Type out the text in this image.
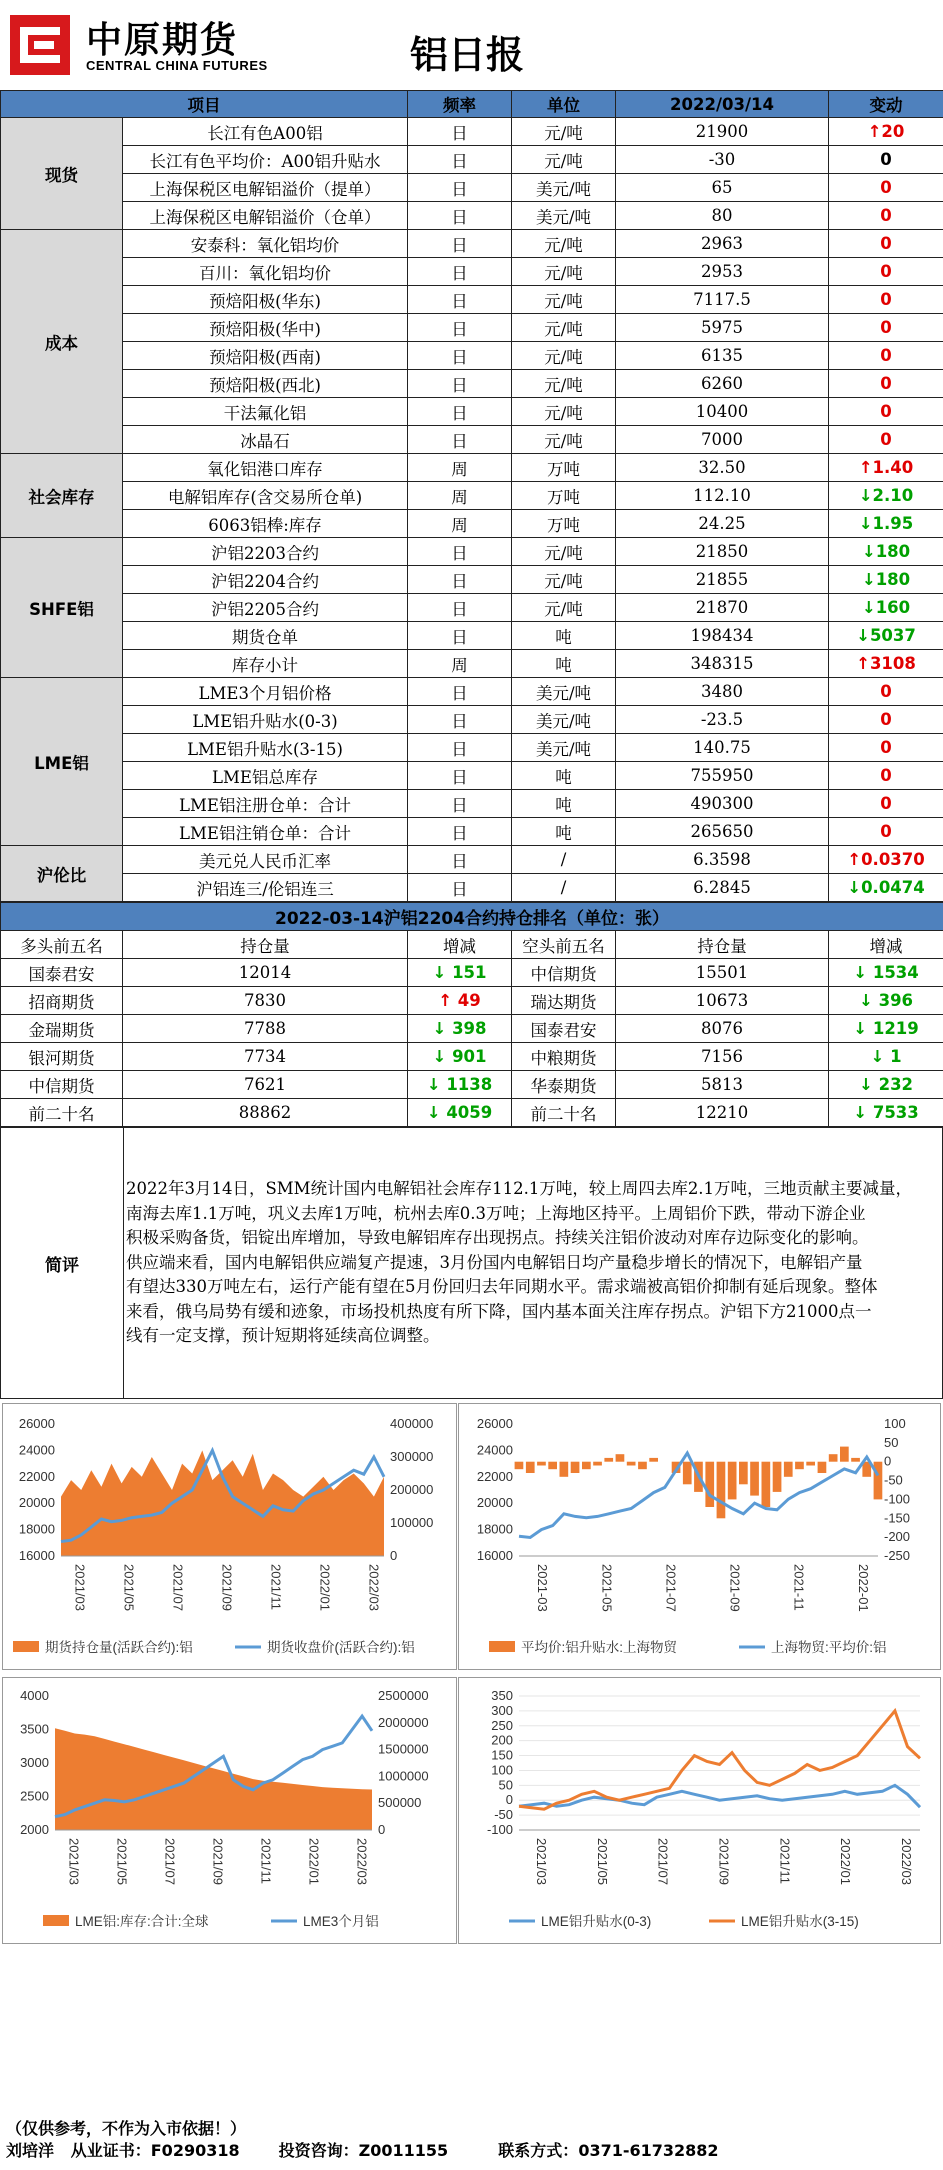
中原期货
CENTRAL CHINA FUTURES	铝日报
项目		频率	单位	2022/03/14	变动
现货	长江有色A00铝	日	元/吨	21900	↑20
	长江有色平均价：A00铝升贴水	日	元/吨	-30	0
	上海保税区电解铝溢价（提单）	日	美元/吨	65	0
	上海保税区电解铝溢价（仓单）	日	美元/吨	80	0
成本	安泰科：氧化铝均价	日	元/吨	2963	0
	百川：氧化铝均价	日	元/吨	2953	0
	预焙阳极(华东)	日	元/吨	7117.5	0
	预焙阳极(华中)	日	元/吨	5975	0
	预焙阳极(西南)	日	元/吨	6135	0
	预焙阳极(西北)	日	元/吨	6260	0
	干法氟化铝	日	元/吨	10400	0
	冰晶石	日	元/吨	7000	0
社会库存	氧化铝港口库存	周	万吨	32.50	↑1.40
	电解铝库存(含交易所仓单)	周	万吨	112.10	↓2.10
	6063铝棒:库存	周	万吨	24.25	↓1.95
SHFE铝	沪铝2203合约	日	元/吨	21850	↓180
	沪铝2204合约	日	元/吨	21855	↓180
	沪铝2205合约	日	元/吨	21870	↓160
	期货仓单	日	吨	198434	↓5037
	库存小计	周	吨	348315	↑3108
LME铝	LME3个月铝价格	日	美元/吨	3480	0
	LME铝升贴水(0-3)	日	美元/吨	-23.5	0
	LME铝升贴水(3-15)	日	美元/吨	140.75	0
	LME铝总库存	日	吨	755950	0
	LME铝注册仓单：合计	日	吨	490300	0
	LME铝注销仓单：合计	日	吨	265650	0
沪伦比	美元兑人民币汇率	日	/	6.3598	↑0.0370
	沪铝连三/伦铝连三	日	/	6.2845	↓0.0474
2022-03-14沪铝2204合约持仓排名（单位：张）					
多头前五名	持仓量	增减	空头前五名	持仓量	增减
国泰君安	12014	↓ 151	中信期货	15501	↓ 1534
招商期货	7830	↑ 49	瑞达期货	10673	↓ 396
金瑞期货	7788	↓ 398	国泰君安	8076	↓ 1219
银河期货	7734	↓ 901	中粮期货	7156	↓ 1
中信期货	7621	↓ 1138	华泰期货	5813	↓ 232
前二十名	88862	↓ 4059	前二十名	12210	↓ 7533
简评	
2022年3月14日，SMM统计国内电解铝社会库存112.1万吨，较上周四去库2.1万吨，三地贡献主要减量，
南海去库1.1万吨，巩义去库1万吨，杭州去库0.3万吨；上海地区持平。上周铝价下跌，带动下游企业
积极采购备货，铝锭出库增加，导致电解铝库存出现拐点。持续关注铝价波动对库存边际变化的影响。
供应端来看，国内电解铝供应端复产提速，3月份国内电解铝日均产量稳步增长的情况下，电解铝产量
有望达330万吨左右，运行产能有望在5月份回归去年同期水平。需求端被高铝价抑制有延后现象。整体
来看，俄乌局势有缓和迹象，市场投机热度有所下降，国内基本面关注库存拐点。沪铝下方21000点一
线有一定支撑，预计短期将延续高位调整。
16000
18000
20000
22000
24000
26000
0
100000
200000
300000
400000
2021/03	2021/05	2021/07	2021/09	2021/11	2022/01	2022/03
期货持仓量(活跃合约):铝	期货收盘价(活跃合约):铝
16000
18000
20000
22000
24000
26000
-250
-200
-150
-100
-50
0
50
100
2021-03	2021-05	2021-07	2021-09	2021-11	2022-01
平均价:铝升贴水:上海物贸	上海物贸:平均价:铝
2000
2500
3000
3500
4000
0
500000
1000000
1500000
2000000
2500000
2021/03	2021/05	2021/07	2021/09	2021/11	2022/01	2022/03
LME铝:库存:合计:全球	LME3个月铝
-100
-50
0
50
100
150
200
250
300
350
2021/03	2021/05	2021/07	2021/09	2021/11	2022/01	2022/03
LME铝升贴水(0-3)	LME铝升贴水(3-15)
（仅供参考，不作为入市依据！）
刘培洋 从业证书：F0290318 投资咨询：Z0011155	联系方式：0371-61732882
